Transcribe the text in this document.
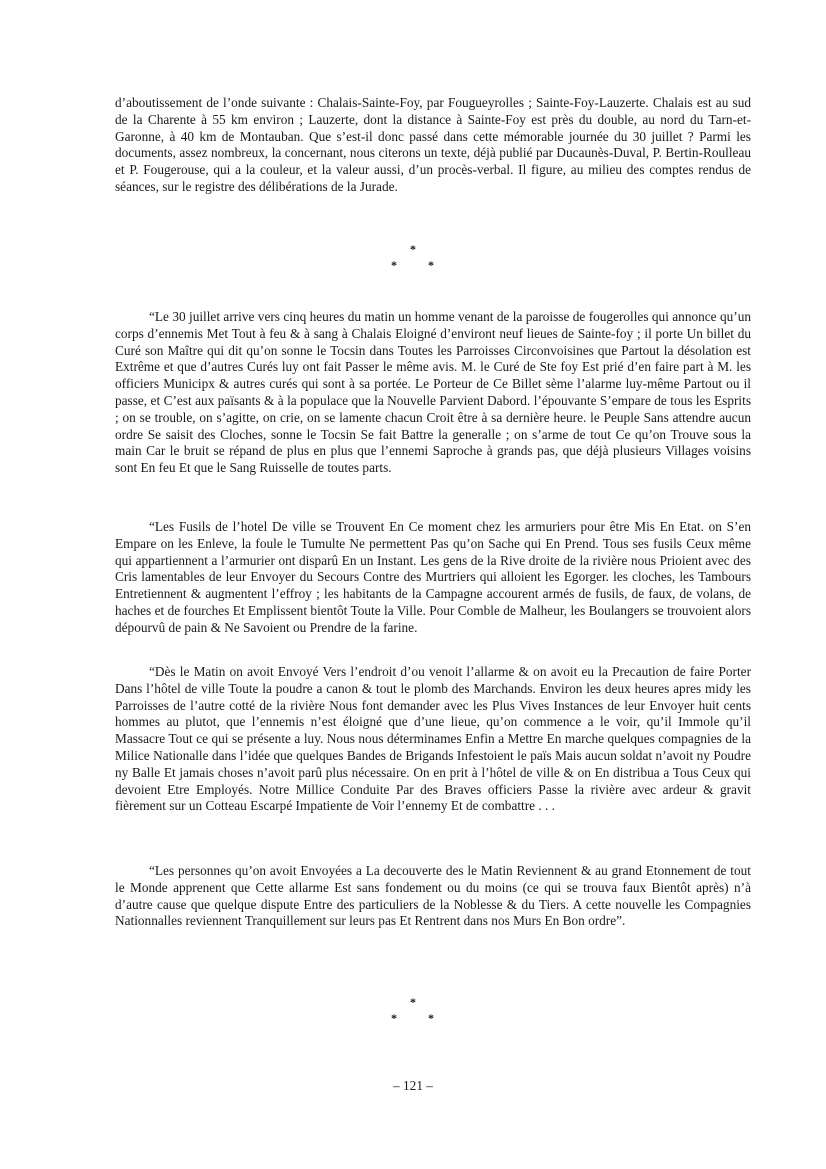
d’aboutissement de l’onde suivante : Chalais-Sainte-Foy, par Fougueyrolles ; Sainte-Foy-Lauzerte. Chalais est au sud de la Charente à 55 km environ ; Lauzerte, dont la distance à Sainte-Foy est près du double, au nord du Tarn-et-Garonne, à 40 km de Montauban. Que s’est-il donc passé dans cette mémorable journée du 30 juillet ? Parmi les documents, assez nombreux, la concernant, nous citerons un texte, déjà publié par Ducaunès-Duval, P. Bertin-Roulleau et P. Fougerouse, qui a la couleur, et la valeur aussi, d’un procès-verbal. Il figure, au milieu des comptes rendus de séances, sur le registre des délibérations de la Jurade.

*
*	*

“Le 30 juillet arrive vers cinq heures du matin un homme venant de la paroisse de fougerolles qui annonce qu’un corps d’ennemis Met Tout à feu & à sang à Chalais Eloigné d’environt neuf lieues de Sainte-foy ; il porte Un billet du Curé son Maître qui dit qu’on sonne le Tocsin dans Toutes les Parroisses Circonvoisines que Partout la désolation est Extrême et que d’autres Curés luy ont fait Passer le même avis. M. le Curé de Ste foy Est prié d’en faire part à M. les officiers Municipx & autres curés qui sont à sa portée. Le Porteur de Ce Billet sème l’alarme luy-même Partout ou il passe, et C’est aux païsants & à la populace que la Nouvelle Parvient Dabord. l’épouvante S’empare de tous les Esprits ; on se trouble, on s’agitte, on crie, on se lamente chacun Croit être à sa dernière heure. le Peuple Sans attendre aucun ordre Se saisit des Cloches, sonne le Tocsin Se fait Battre la generalle ; on s’arme de tout Ce qu’on Trouve sous la main Car le bruit se répand de plus en plus que l’ennemi Saproche à grands pas, que déjà plusieurs Villages voisins sont En feu Et que le Sang Ruisselle de toutes parts.

“Les Fusils de l’hotel De ville se Trouvent En Ce moment chez les armuriers pour être Mis En Etat. on S’en Empare on les Enleve, la foule le Tumulte Ne permettent Pas qu’on Sache qui En Prend. Tous ses fusils Ceux même qui appartiennent a l’armurier ont disparû En un Instant. Les gens de la Rive droite de la rivière nous Prioient avec des Cris lamentables de leur Envoyer du Secours Contre des Murtriers qui alloient les Egorger. les cloches, les Tambours Entretiennent & augmentent l’effroy ; les habitants de la Campagne accourent armés de fusils, de faux, de volans, de haches et de fourches Et Emplissent bientôt Toute la Ville. Pour Comble de Malheur, les Boulangers se trouvoient alors dépourvû de pain & Ne Savoient ou Prendre de la farine.

“Dès le Matin on avoit Envoyé Vers l’endroit d’ou venoit l’allarme & on avoit eu la Precaution de faire Porter Dans l’hôtel de ville Toute la poudre a canon & tout le plomb des Marchands. Environ les deux heures apres midy les Parroisses de l’autre cotté de la rivière Nous font demander avec les Plus Vives Instances de leur Envoyer huit cents hommes au plutot, que l’ennemis n’est éloigné que d’une lieue, qu’on commence a le voir, qu’il Immole qu’il Massacre Tout ce qui se présente a luy. Nous nous déterminames Enfin a Mettre En marche quelques compagnies de la Milice Nationalle dans l’idée que quelques Bandes de Brigands Infestoient le païs Mais aucun soldat n’avoit ny Poudre ny Balle Et jamais choses n’avoit parû plus nécessaire. On en prit à l’hôtel de ville & on En distribua a Tous Ceux qui devoient Etre Employés. Notre Millice Conduite Par des Braves officiers Passe la rivière avec ardeur & gravit fièrement sur un Cotteau Escarpé Impatiente de Voir l’ennemy Et de combattre . . .

“Les personnes qu’on avoit Envoyées a La decouverte des le Matin Reviennent & au grand Etonnement de tout le Monde apprenent que Cette allarme Est sans fondement ou du moins (ce qui se trouva faux Bientôt après) n’à d’autre cause que quelque dispute Entre des particuliers de la Noblesse & du Tiers. A cette nouvelle les Compagnies Nationnalles reviennent Tranquillement sur leurs pas Et Rentrent dans nos Murs En Bon ordre”.

*
*	*
– 121 –
